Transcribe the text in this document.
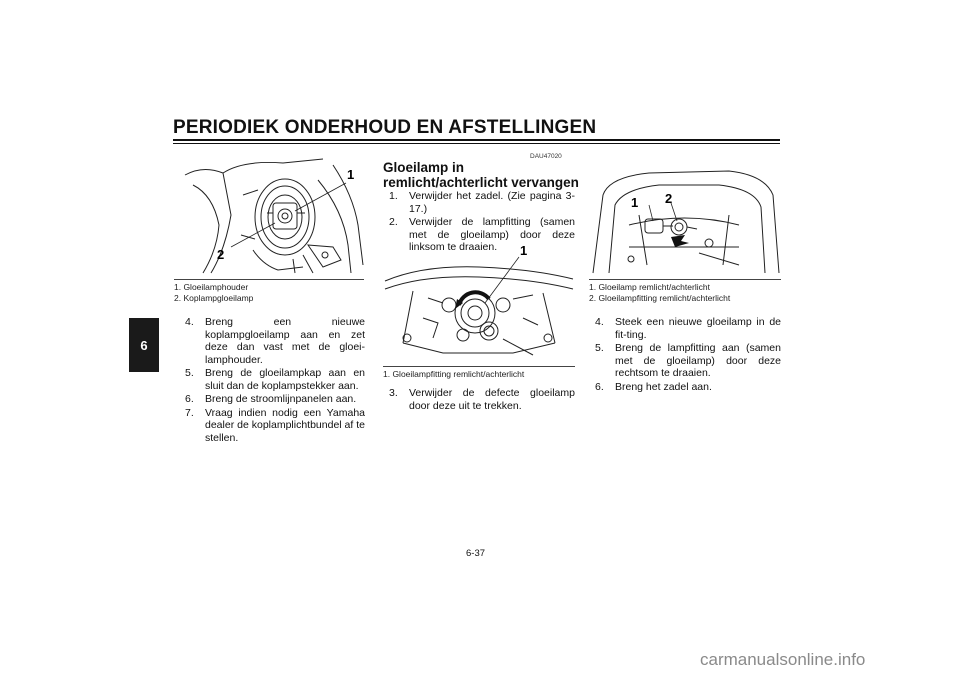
PERIODIEK ONDERHOUD EN AFSTELLINGEN
6
1
2
1. Gloeilamphouder
2. Koplampgloeilamp
4. Breng een nieuwe koplampgloeilamp aan en zet deze dan vast met de gloei-lamphouder.
5. Breng de gloeilampkap aan en sluit dan de koplampstekker aan.
6. Breng de stroomlijnpanelen aan.
7. Vraag indien nodig een Yamaha dealer de koplamplichtbundel af te stellen.
DAU47020
Gloeilamp in remlicht/achterlicht vervangen
1. Verwijder het zadel. (Zie pagina 3-17.)
2. Verwijder de lampfitting (samen met de gloeilamp) door deze linksom te draaien.	1
1. Gloeilampfitting remlicht/achterlicht
3. Verwijder de defecte gloeilamp door deze uit te trekken.
1 2
1. Gloeilamp remlicht/achterlicht
2. Gloeilampfitting remlicht/achterlicht
4. Steek een nieuwe gloeilamp in de fit-ting.
5. Breng de lampfitting aan (samen met de gloeilamp) door deze rechtsom te draaien.
6. Breng het zadel aan.
6-37
carmanualsonline.info
